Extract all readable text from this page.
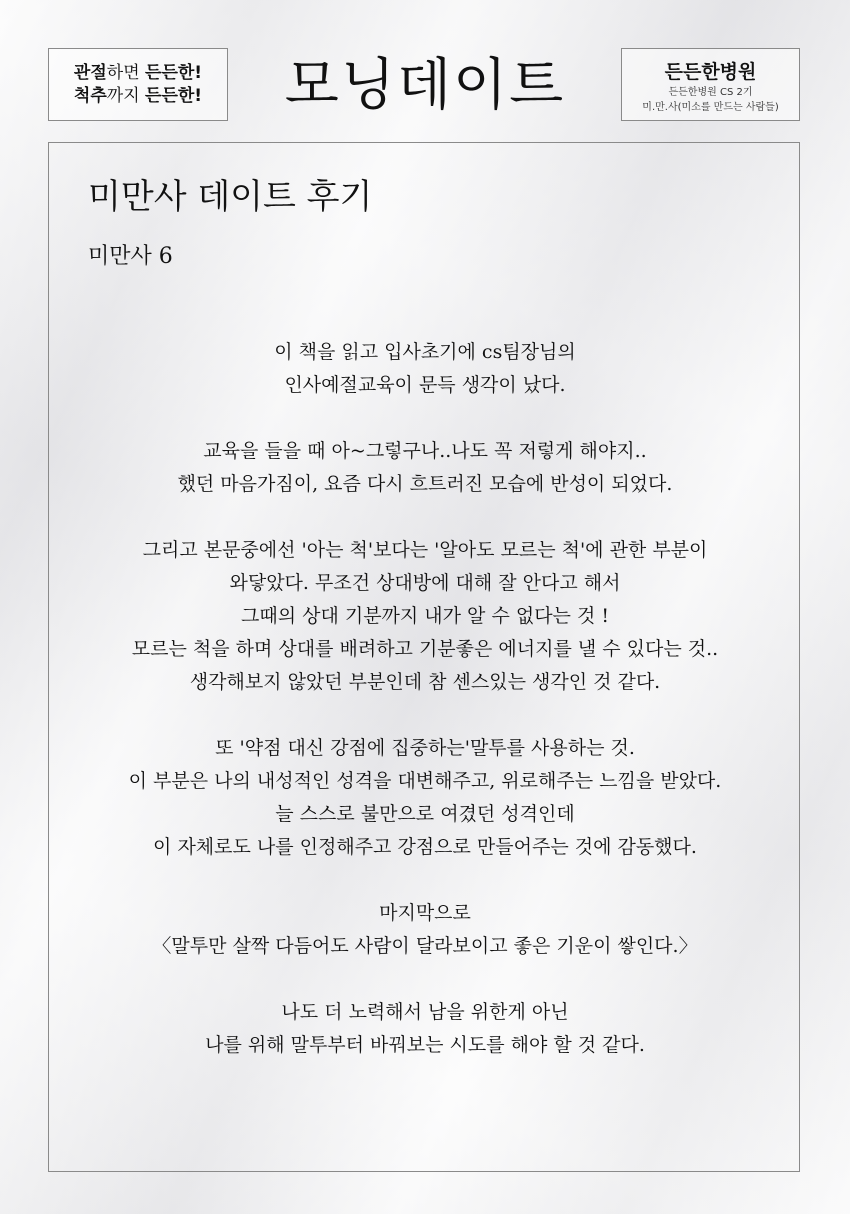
관절하면 든든한!
척추까지 든든한!	모닝데이트	든든한병원
든든한병원 CS 2기
미.만.사(미소를 만드는 사람들)
미만사 데이트 후기
미만사 6

이 책을 읽고 입사초기에 cs팀장님의
인사예절교육이 문득 생각이 났다.

교육을 들을 때 아~그렇구나..나도 꼭 저렇게 해야지..
했던 마음가짐이, 요즘 다시 흐트러진 모습에 반성이 되었다.

그리고 본문중에선 '아는 척'보다는 '알아도 모르는 척'에 관한 부분이
와닿았다. 무조건 상대방에 대해 잘 안다고 해서
그때의 상대 기분까지 내가 알 수 없다는 것 !
모르는 척을 하며 상대를 배려하고 기분좋은 에너지를 낼 수 있다는 것..
생각해보지 않았던 부분인데 참 센스있는 생각인 것 같다.

또 '약점 대신 강점에 집중하는'말투를 사용하는 것.
이 부분은 나의 내성적인 성격을 대변해주고, 위로해주는 느낌을 받았다.
늘 스스로 불만으로 여겼던 성격인데
이 자체로도 나를 인정해주고 강점으로 만들어주는 것에 감동했다.

마지막으로
〈말투만 살짝 다듬어도 사람이 달라보이고 좋은 기운이 쌓인다.〉

나도 더 노력해서 남을 위한게 아닌
나를 위해 말투부터 바꿔보는 시도를 해야 할 것 같다.
